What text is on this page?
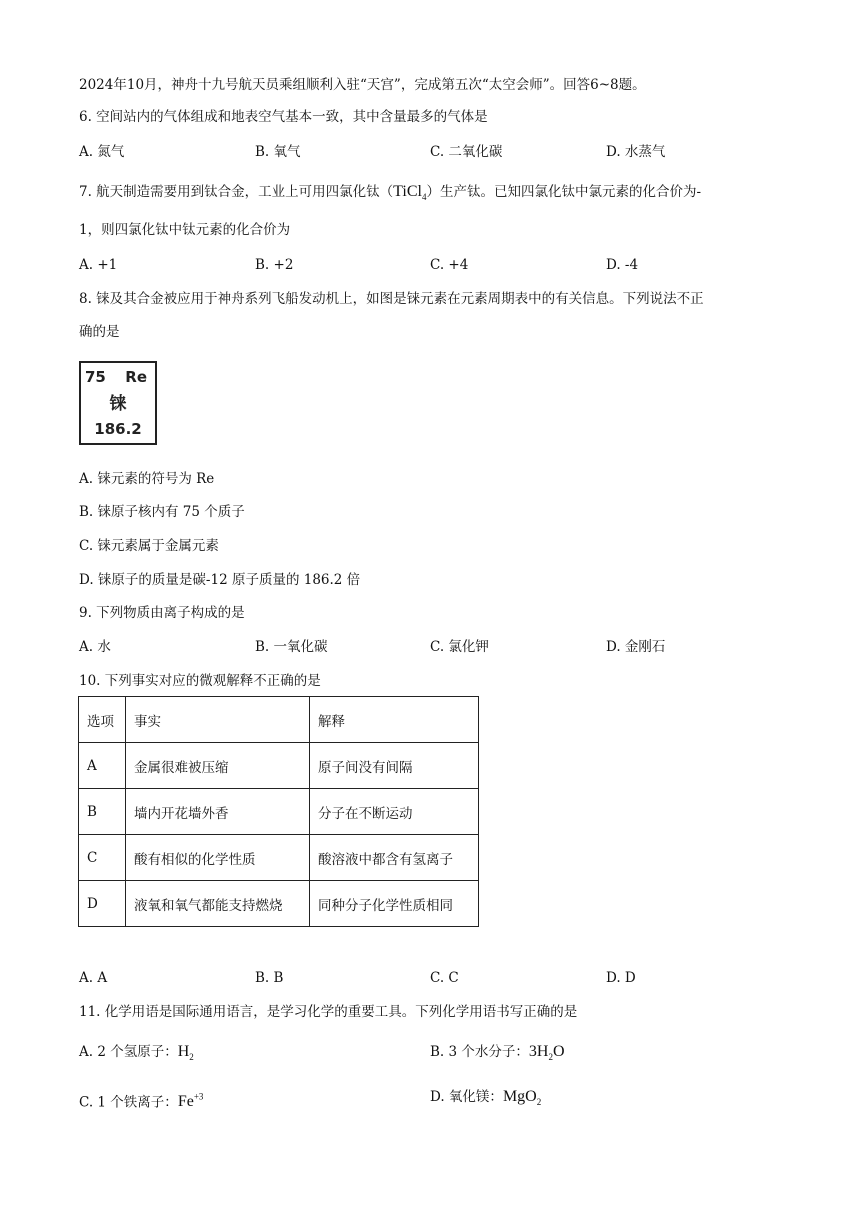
2024年10月，神舟十九号航天员乘组顺利入驻“天宫”，完成第五次“太空会师”。回答6~8题。
6. 空间站内的气体组成和地表空气基本一致，其中含量最多的气体是
A. 氮气	B. 氧气	C. 二氧化碳	D. 水蒸气
7. 航天制造需要用到钛合金，工业上可用四氯化钛（TiCl$_4$）生产钛。已知四氯化钛中氯元素的化合价为-
1，则四氯化钛中钛元素的化合价为
A. +1	B. +2	C. +4	D. -4
8. 铼及其合金被应用于神舟系列飞船发动机上，如图是铼元素在元素周期表中的有关信息。下列说法不正
确的是
75 Re
铼
186.2
A. 铼元素的符号为 Re
B. 铼原子核内有 75 个质子
C. 铼元素属于金属元素
D. 铼原子的质量是碳-12 原子质量的 186.2 倍
9. 下列物质由离子构成的是
A. 水	B. 一氧化碳	C. 氯化钾	D. 金刚石
10. 下列事实对应的微观解释不正确的是
选项	事实	解释
A	金属很难被压缩	原子间没有间隔
B	墙内开花墙外香	分子在不断运动
C	酸有相似的化学性质	酸溶液中都含有氢离子
D	液氧和氧气都能支持燃烧	同种分子化学性质相同
A. A	B. B	C. C	D. D
11. 化学用语是国际通用语言，是学习化学的重要工具。下列化学用语书写正确的是
A. 2 个氢原子：$H_2$	B. 3 个水分子：$3H_2O$
C. 1 个铁离子：$Fe^{+3}$	D. 氧化镁：MgO$_2$
